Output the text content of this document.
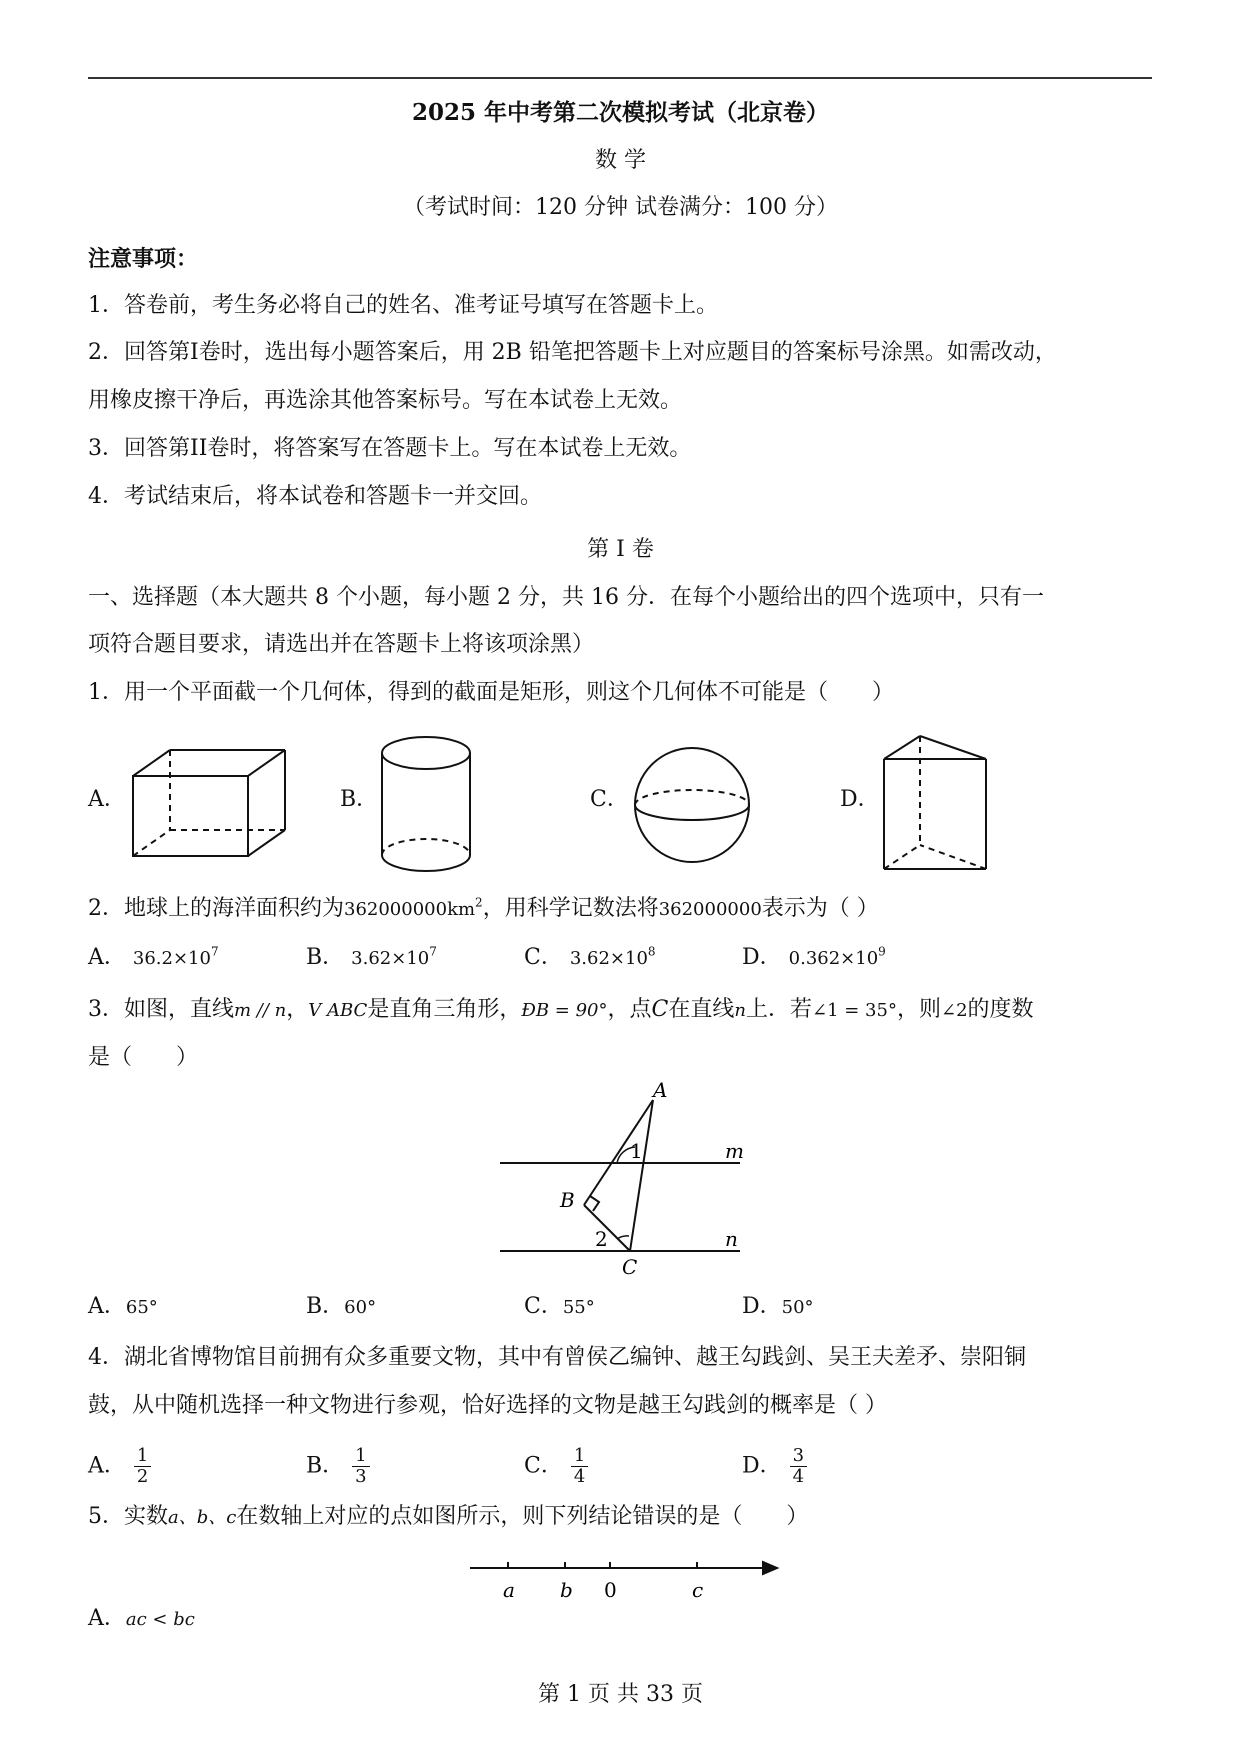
2025 年中考第二次模拟考试（北京卷）
数 学
（考试时间：120 分钟 试卷满分：100 分）
注意事项：
1．答卷前，考生务必将自己的姓名、准考证号填写在答题卡上。
2．回答第I卷时，选出每小题答案后，用 2B 铅笔把答题卡上对应题目的答案标号涂黑。如需改动，
用橡皮擦干净后，再选涂其他答案标号。写在本试卷上无效。
3．回答第II卷时，将答案写在答题卡上。写在本试卷上无效。
4．考试结束后，将本试卷和答题卡一并交回。
第 I 卷
一、选择题（本大题共 8 个小题，每小题 2 分，共 16 分．在每个小题给出的四个选项中，只有一
项符合题目要求，请选出并在答题卡上将该项涂黑）
1．用一个平面截一个几何体，得到的截面是矩形，则这个几何体不可能是（　　）
A．	B．	C．	D．
2．地球上的海洋面积约为$362000000km^2$，用科学记数法将362000000表示为（ ）
A． $36.2\times 10^7$	B． $3.62\times 10^7$	C． $3.62\times 10^8$	D． $0.362\times 10^9$
3．如图，直线m // n，V ABC是直角三角形，ÐB = 90°，点C在直线n上．若∠1 = 35°，则∠2的度数
是（　　）
A
1	m
B
2	n
C
A．65°	B．60°	C．55°	D．50°
4．湖北省博物馆目前拥有众多重要文物，其中有曾侯乙编钟、越王勾践剑、吴王夫差矛、崇阳铜
鼓，从中随机选择一种文物进行参观，恰好选择的文物是越王勾践剑的概率是（ ）
A． $\frac{1}{2}$	B． $\frac{1}{3}$	C． $\frac{1}{4}$	D． $\frac{3}{4}$
5．实数a、b、c在数轴上对应的点如图所示，则下列结论错误的是（　　）
a b 0	c
A．ac < bc
第 1 页 共 33 页
